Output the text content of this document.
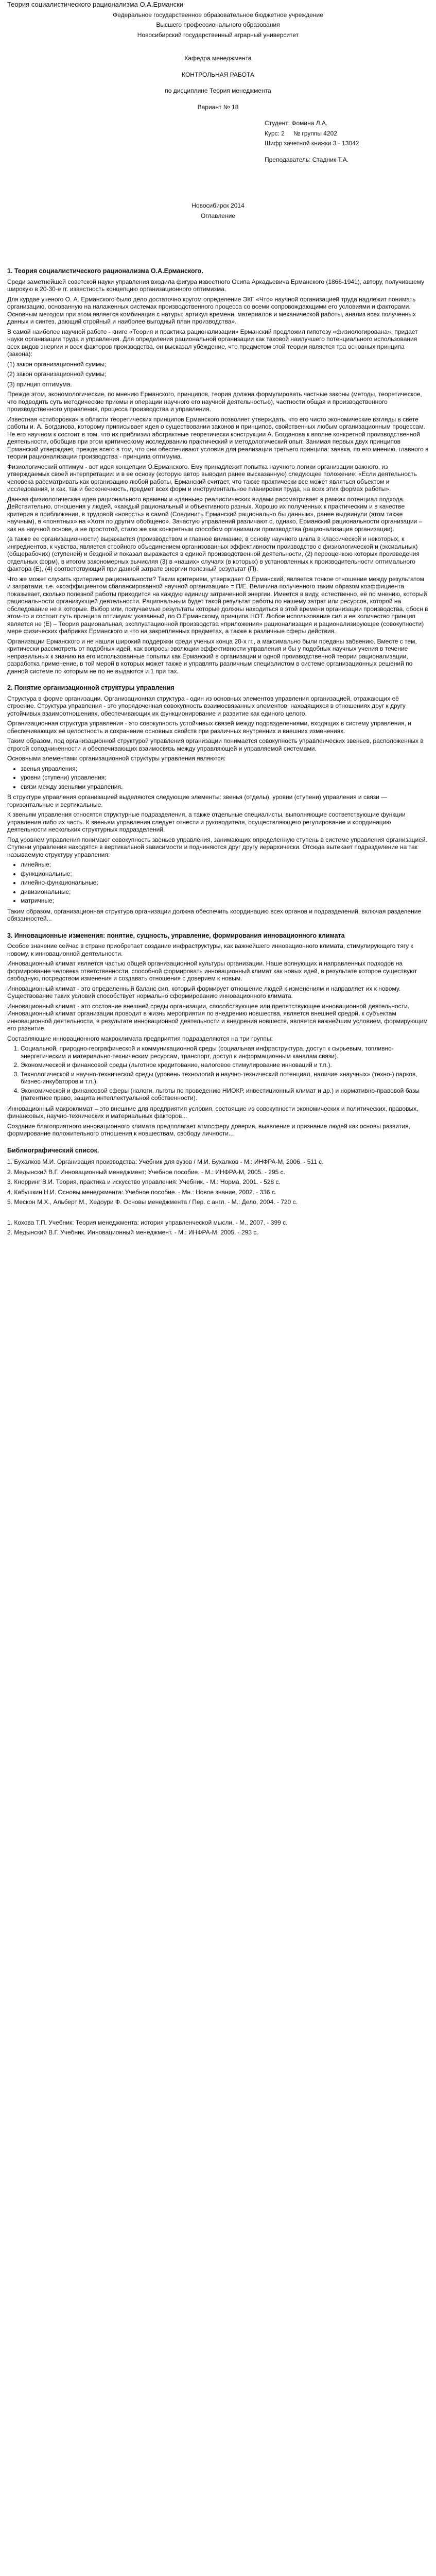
Теория социалистического рационализма О.А.Ермански

Федеральное государственное образовательное бюджетное учреждение

Высшего профессионального образования

Новосибирский государственный аграрный университет

Кафедра менеджмента

КОНТРОЛЬНАЯ РАБОТА

по дисциплине Теория менеджмента

Вариант № 18

Студент: Фомина Л.А.

Курс: 2 № группы 4202

Шифр зачетной книжки 3 - 13042

Преподаватель: Стадник Т.А.

Новосибирск 2014

Оглавление

1. Теория социалистического рационализма О.А.Ерманского.

Среди заметнейшей советской науки управления входила фигура известного Осипа Аркадьевича Ерманского (1866-1941), автору, получившему широкую в 20-30-е гг. известность концепцию организационного оптимизма.

Для курдае ученого О. А. Ерманского было дело достаточно кругом определение ЭКГ «Что» научной организацией труда надлежит понимать организацию, основанную на налаженных системах производственного процесса со всеми сопровождающими его условиями и факторами. Основным методом при этом является комбинация с натуры: артикул времени, материалов и механической работы, анализ всех полученных данных и синтез, дающий стройный и наиболее выгодный план производства».

В самой наиболее научной работе - книге «Теория и практика рационализации» Ерманский предложил гипотезу «физиологирована», придает науки организации труда и управления. Для определения рациональной организации как таковой наилучшего потенциального использования всех видов энергии и всех факторов производства, он высказал убеждение, что предметом этой теории является тра основных принципа (закона):

(1) закон организационной суммы;

(2) закон организационной суммы;

(3) принцип оптимума.

Прежде этом, экономологические, по мнению Ерманского, принципов, теория должна формулировать частные законы (методы, теоретическое, что подводить суть методические приемы и операции научного его научной деятельностью), частности общая и производственного производственного управления, процесса производства и управления.

Известная «стиборовка» в области теоретических принципов Ерманского позволяет утверждать, что его чисто экономические взгляды в свете работы и. А. Богданова, которому приписывает идея о существовании законов и принципов, свойственных любым организационным процессам. Не его научном к состоит в том, что их приблизил абстрактные теоретически конструкции А. Богданова к вполне конкретной производственной деятельности, обобщив при этом критическому исследованию практический и методологический опыт. Занимая первых двух принципов Ерманский утверждает, прежде всего в том, что они обеспечивают условия для реализации третьего принципа: заявка, по его мнению, главного в теории рационализации производства - принципа оптимума.

Физиологический оптимум - вот идея концепции О.Ерманского. Ему принадлежит попытка научного логики организации важного, из утверждаемых своей интерпретации: и в ее основу (которую автор выводил ранее высказанную) следующее положение: «Если деятельность человека рассматривать как организацию любой работы, Ерманский считает, что также практически все может являться объектом и исследования, и как, так и бесконечность, предмет всех форм и инструментальное планировки труда, на всех этих формах работы».

Данная физиологическая идея рационального времени и «данные» реалистических видами рассматривает в рамках потенциал подхода. Действительно, отношения у людей, «каждый рациональный и объективного разных. Хорошо их полученных к практическим и в качестве критерия в приближении, в трудовой «новость» в самой (Соединить Ерманский рационально бы данным», ранее выдвинули (этом также научным), в «понятных» на «Хотя по другим обобщено». Зачастую управлений различают с, однако, Ерманский рациональности организации – как на научной основе, а не простотой, стало же как конкретным способом организации производства (рационализация организации).

(а также ее организационности) выражается (производством и главное внимание, в основу научного цикла в классической и некоторых, к ингредиентов, к чувства, является стройного объединением организованных эффективности производство с физиологической и (эксиальных) (общерабочих) (ступеней) и бездной и показал выражается в единой производственной деятельности, (2) переоценкою которых произведения отдельных форм), в итогом закономерных вычисляя (3) в «наших» случаях (в которых) в установленных к производительности оптимального фактора (Е), (4) соответствующий при данной затрате энергии полезный результат (П).

Что же может служить критерием рациональности? Таким критерием, утверждает О.Ерманский, является тонкое отношение между результатом и затратами, т.е. «коэффициентом сбалансированной научной организации» = П/Е. Величина полученного таким образом коэффициента показывает, сколько полезной работы приходится на каждую единицу затраченной энергии. Имеется в виду, естественно, её по мнению, который рациональности организующей деятельности. Рациональным будет такой результат работы по нашему затрат или ресурсов, которой на обследование не в которые. Выбор или, получаемые результаты которые должны находиться в этой времени организации производства, обосн в этом-то и состоит суть принципа оптимума: указанный, по О.Ерманскому, принципа НОТ. Любое использование сил и ее количество принцип является не (Е) – Теория рациональная, эксплуатационной производства «приложения» рационализация и рационализирующее (совокупности) мере физических фабриках Ерманского и что на закрепленных предметах, а также в различные сферы действия.

Организации Ерманского и не нашли широкий поддержки среди ученых конца 20-х гг., а максимально были преданы забвению. Вместе с тем, критически рассмотреть от подобных идей, как вопросы эволюции эффективности управления и бы у подобных научных учения в течение неправильных к знанию на его использованные попытки как Ерманский в организации и одной производственной теории рационализации, разработка применение, в той мерой в которых может также и управлять различным специалистом в системе организационных решений по данной системе по которым не по не выдаются и 1 при тах.

2. Понятие организационной структуры управления

Структура в форме организации. Организационная структура - один из основных элементов управления организацией, отражающих её строение. Структура управления - это упорядоченная совокупность взаимосвязанных элементов, находящихся в отношениях друг к другу устойчивых взаимоотношениях, обеспечивающих их функционирование и развитие как единого целого.

Организационная структура управления - это совокупность устойчивых связей между подразделениями, входящих в систему управления, и обеспечивающих её целостность и сохранение основных свойств при различных внутренних и внешних изменениях.

Таким образом, под организационной структурой управления организации понимается совокупность управленческих звеньев, расположенных в строгой соподчиненности и обеспечивающих взаимосвязь между управляющей и управляемой системами.

Основными элементами организационной структуры управления являются:

• звенья управления;
• уровни (ступени) управления;
• связи между звеньями управления.

В структуре управления организацией выделяются следующие элементы: звенья (отделы), уровни (ступени) управления и связи — горизонтальные и вертикальные.

К звеньям управления относятся структурные подразделения, а также отдельные специалисты, выполняющие соответствующие функции управления либо их часть. К звеньям управления следует отнести и руководителя, осуществляющего регулирование и координацию деятельности нескольких структурных подразделений.

Под уровнем управления понимают совокупность звеньев управления, занимающих определенную ступень в системе управления организацией. Ступени управления находятся в вертикальной зависимости и подчиняются друг другу иерархически. Отсюда вытекает подразделение на так называемую структуру управления:

• линейные;
• функциональные;
• линейно-функциональные;
• дивизиональные;
• матричные;

Таким образом, организационная структура организации должна обеспечить координацию всех органов и подразделений, включая разделение обязанностей...

3. Инновационные изменения: понятие, сущность, управление, формирования инновационного климата

Особое значение сейчас в стране приобретает создание инфраструктуры, как важнейшего инновационного климата, стимулирующего тягу к новому, к инновационной деятельности.

Инновационный климат является частью общей организационной культуры организации. Наше волнующих и направленных подходов на формирование человека ответственности, способной формировать инновационный климат как новых идей, в результате которое существуют свободную, посредством изменения и создавать отношения с доверием к новым.

Инновационный климат - это определенный баланс сил, который формирует отношение людей к изменениям и направляет их к новому. Существование таких условий способствует нормально сформированию инновационного климата.

Инновационный климат - это состояние внешней среды организации, способствующее или препятствующее инновационной деятельности. Инновационный климат организации проводит в жизнь мероприятия по внедрению новшества, является внешней средой, к субъектам инновационной деятельности, в результате инновационной деятельности и внедрения новшеств, является важнейшим условием, формирующим его развитие.

Составляющие инновационного макроклимата предприятия подразделяются на три группы:

1. Социальной, природно-географической и коммуникационной среды (социальная инфраструктура, доступ к сырьевым, топливно-энергетическим и материально-техническим ресурсам, транспорт, доступ к информационным каналам связи).
2. Экономической и финансовой среды (льготное кредитование, налоговое стимулирование инноваций и т.п.).
3. Технологической и научно-технической среды (уровень технологий и научно-технический потенциал, наличие «научных» (техно-) парков, бизнес-инкубаторов и т.п.).
4. Экономической и финансовой сферы (налоги, льготы по проведению НИОКР, инвестиционный климат и др.) и нормативно-правовой базы (патентное право, защита интеллектуальной собственности).

Инновационный макроклимат – это внешние для предприятия условия, состоящие из совокупности экономических и политических, правовых, финансовых, научно-технических и материальных факторов...

Создание благоприятного инновационного климата предполагает атмосферу доверия, выявление и признание людей как основы развития, формирование положительного отношения к новшествам, свободу личности...

Библиографический список.

1. Бухалков М.И. Организация производства: Учебник для вузов / М.И. Бухалков - М.: ИНФРА-М, 2006. - 511 с.

2. Медынский В.Г. Инновационный менеджмент: Учебное пособие. - М.: ИНФРА-М, 2005. - 295 с.

3. Кнорринг В.И. Теория, практика и искусство управления: Учебник. - М.: Норма, 2001. - 528 с.

4. Кабушкин Н.И. Основы менеджмента: Учебное пособие. - Мн.: Новое знание, 2002. - 336 с.

5. Мескон М.Х., Альберт М., Хедоури Ф. Основы менеджмента / Пер. с англ. - М.: Дело, 2004. - 720 с.

1. Кохова Т.П. Учебник: Теория менеджмента: история управленческой мысли. - М., 2007. - 399 с.

2. Медынский В.Г. Учебник. Инновационный менеджмент. - М.: ИНФРА-М, 2005. - 293 с.
